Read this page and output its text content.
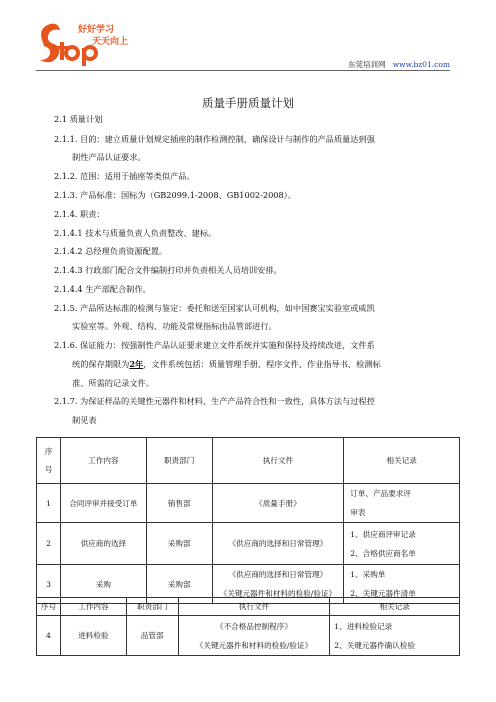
好好学习
天天向上
东莞培训网 www.bz01.com
质量手册质量计划
2.1 质量计划
2.1.1. 目的：建立质量计划规定插座的制作检测控制，确保设计与制作的产品质量达到强
制性产品认证要求。
2.1.2. 范围：适用于插座等类似产品。
2.1.3. 产品标准：国标为（GB2099.1-2008、GB1002-2008）。
2.1.4. 职责：
2.1.4.1 技术与质量负责人负责整改、建标。
2.1.4.2 总经理负责资源配置。
2.1.4.3 行政部门配合文件编制打印并负责相关人员培训安排。
2.1.4.4 生产部配合制作。
2.1.5. 产品所达标准的检测与鉴定：委托和送至国家认可机构，如中国赛宝实验室或威凯
实验室等。外观、结构、功能及常规指标由品管部进行。
2.1.6. 保证能力：按强制性产品认证要求建立文件系统并实施和保持及持续改进，文件系
统的保存期限为2年，文件系统包括：质量管理手册、程序文件、作业指导书、检测标
准、所需的记录文件。
2.1.7. 为保证样品的关键性元器件和材料、生产产品符合性和一致性，具体方法与过程控
制见表
序号	工作内容	职责部门	执行文件	相关记录
1	合同评审并接受订单	销售部	《质量手册》	订单、产品要求评
审表

2	供应商的选择	采购部	《供应商的选择和日常管理》	1、供应商评审记录
2、合格供应商名单

3	采购	采购部	《供应商的选择和日常管理》
《关键元器件和材料的检验/验证》	1、采购单
2、关键元器件清单
序号	工作内容	职责部门	执行文件	相关记录
4	进料检验	品管部	《不合格品控制程序》
《关键元器件和材料的检验/验证》	1、进料检验记录
2、关键元器件确认检验
